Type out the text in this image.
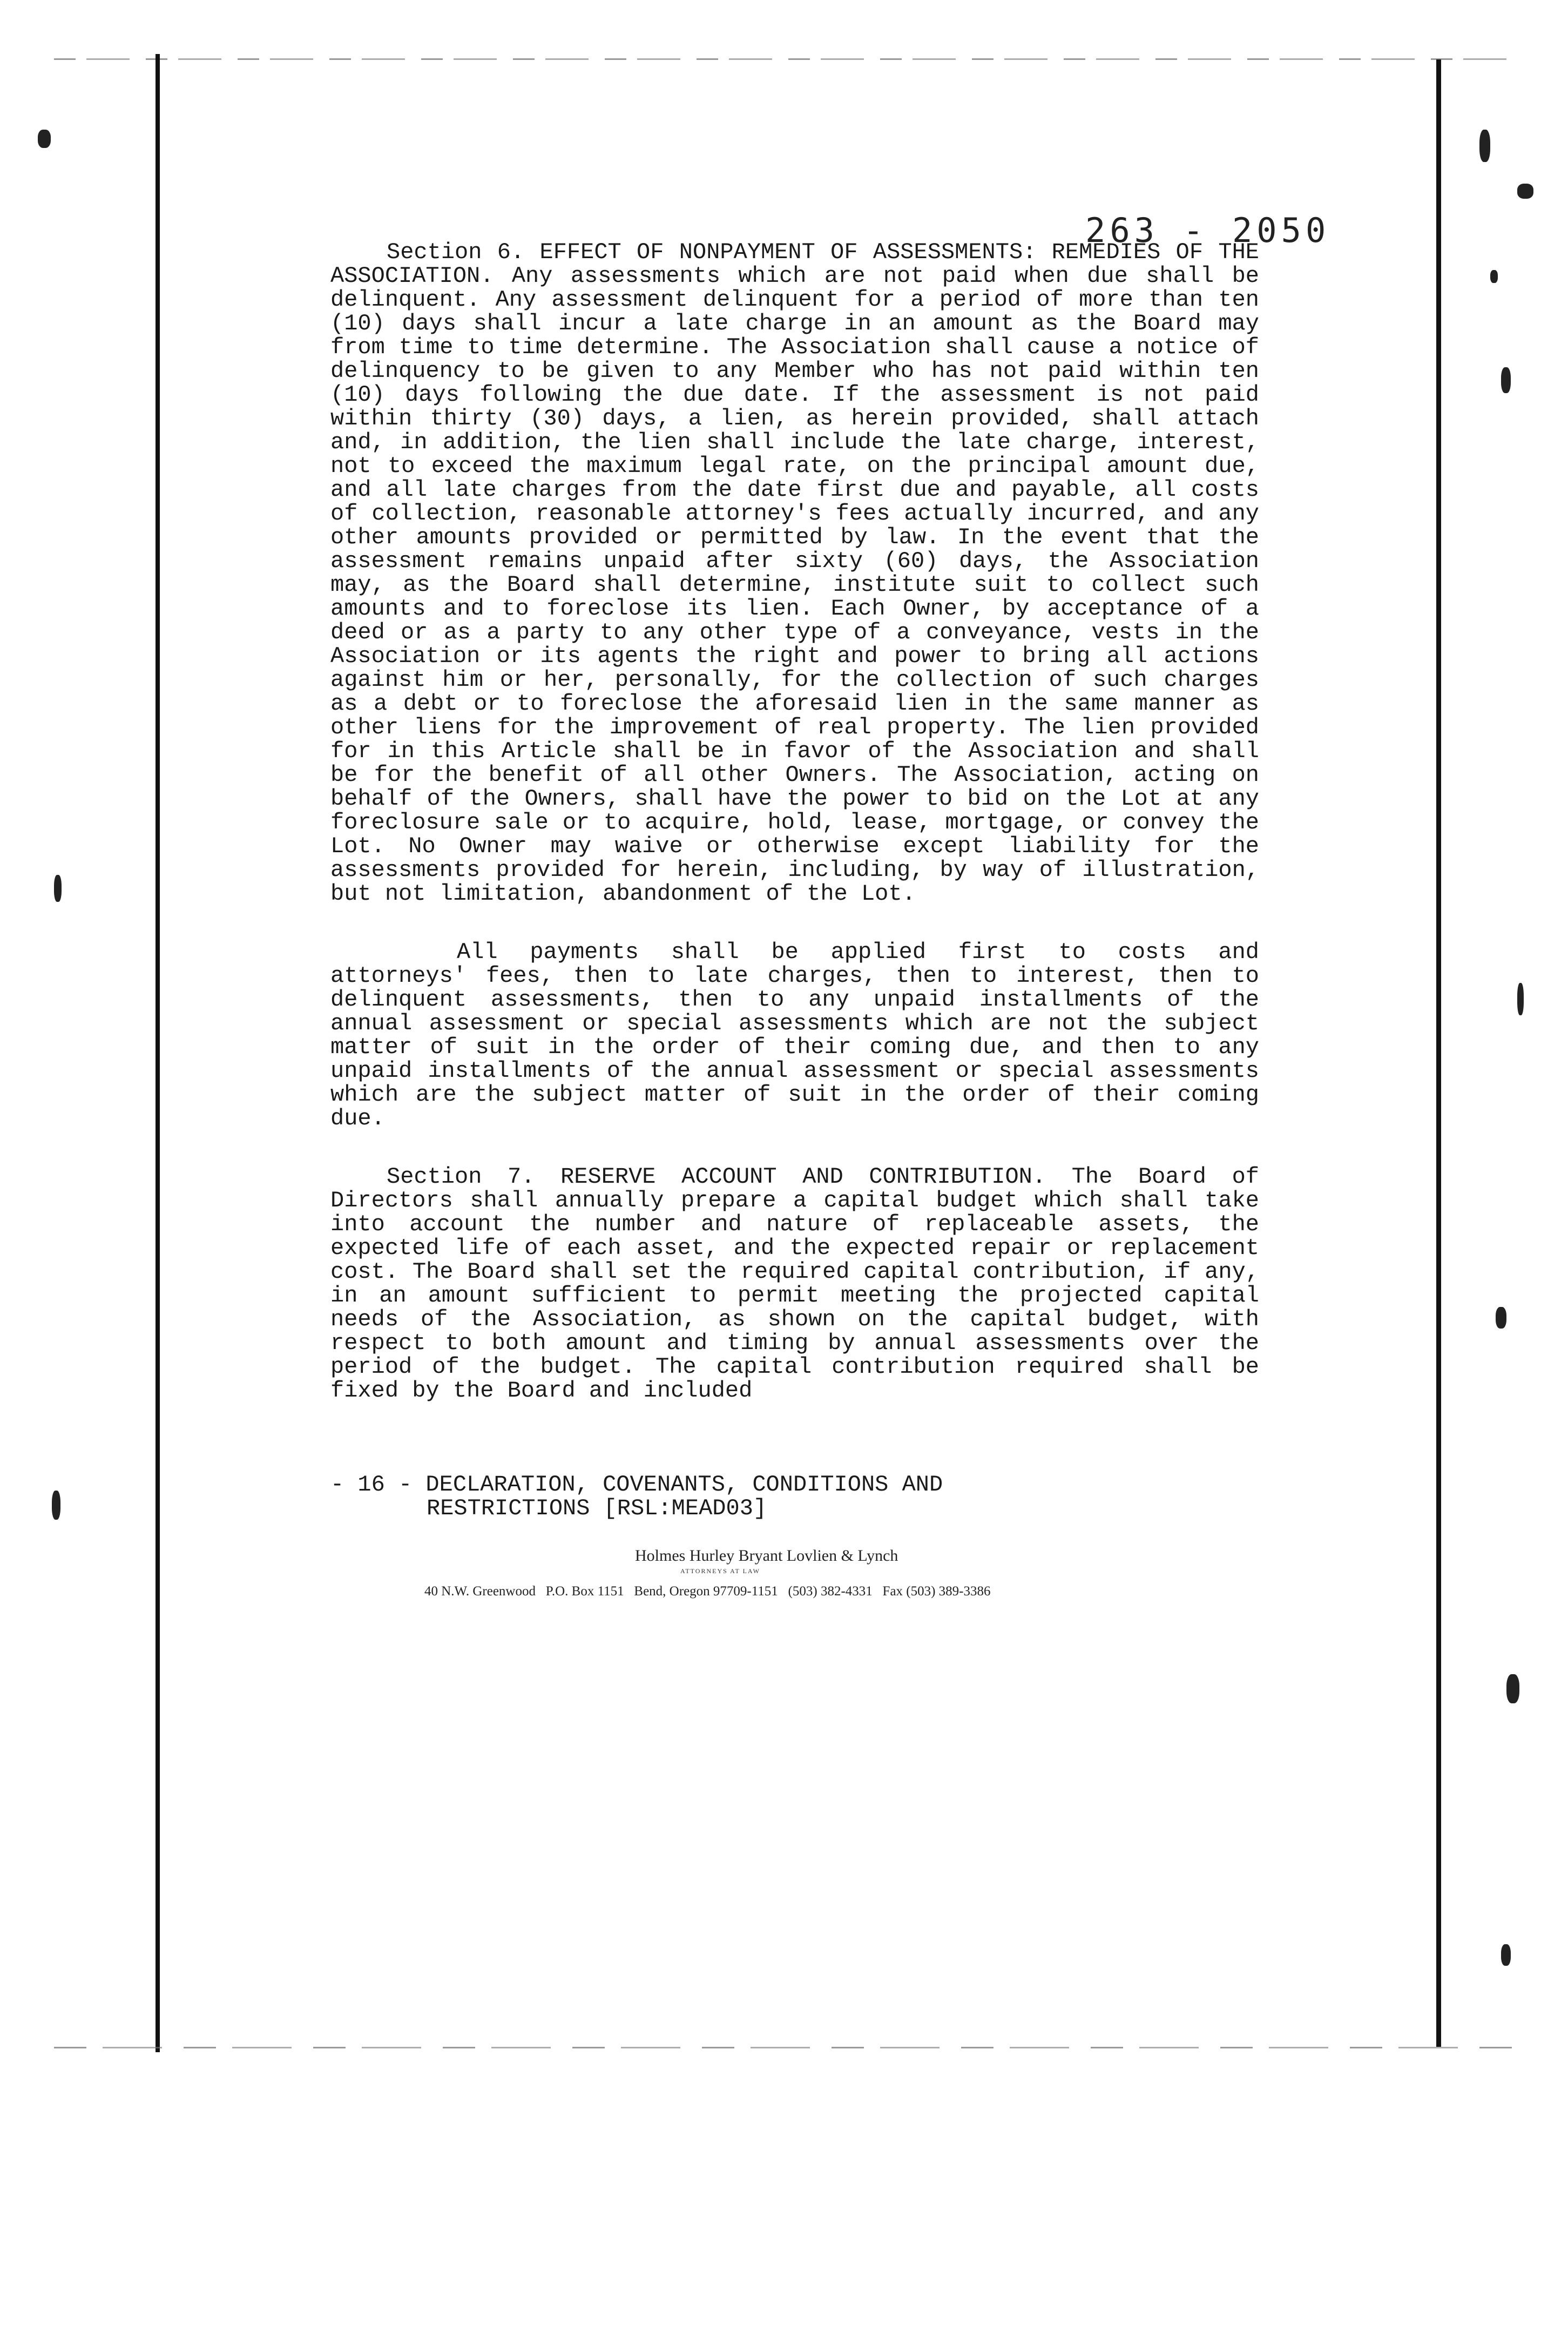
263 - 2050

Section 6. EFFECT OF NONPAYMENT OF ASSESSMENTS: REMEDIES OF THE ASSOCIATION. Any assessments which are not paid when due shall be delinquent. Any assessment delinquent for a period of more than ten (10) days shall incur a late charge in an amount as the Board may from time to time determine. The Association shall cause a notice of delinquency to be given to any Member who has not paid within ten (10) days following the due date. If the assessment is not paid within thirty (30) days, a lien, as herein provided, shall attach and, in addition, the lien shall include the late charge, interest, not to exceed the maximum legal rate, on the principal amount due, and all late charges from the date first due and payable, all costs of collection, reasonable attorney's fees actually incurred, and any other amounts provided or permitted by law. In the event that the assessment remains unpaid after sixty (60) days, the Association may, as the Board shall determine, institute suit to collect such amounts and to foreclose its lien. Each Owner, by acceptance of a deed or as a party to any other type of a conveyance, vests in the Association or its agents the right and power to bring all actions against him or her, personally, for the collection of such charges as a debt or to foreclose the aforesaid lien in the same manner as other liens for the improvement of real property. The lien provided for in this Article shall be in favor of the Association and shall be for the benefit of all other Owners. The Association, acting on behalf of the Owners, shall have the power to bid on the Lot at any foreclosure sale or to acquire, hold, lease, mortgage, or convey the Lot. No Owner may waive or otherwise except liability for the assessments provided for herein, including, by way of illustration, but not limitation, abandonment of the Lot.

All payments shall be applied first to costs and attorneys' fees, then to late charges, then to interest, then to delinquent assessments, then to any unpaid installments of the annual assessment or special assessments which are not the subject matter of suit in the order of their coming due, and then to any unpaid installments of the annual assessment or special assessments which are the subject matter of suit in the order of their coming due.

Section 7. RESERVE ACCOUNT AND CONTRIBUTION. The Board of Directors shall annually prepare a capital budget which shall take into account the number and nature of replaceable assets, the expected life of each asset, and the expected repair or replacement cost. The Board shall set the required capital contribution, if any, in an amount sufficient to permit meeting the projected capital needs of the Association, as shown on the capital budget, with respect to both amount and timing by annual assessments over the period of the budget. The capital contribution required shall be fixed by the Board and included

- 16 - DECLARATION, COVENANTS, CONDITIONS AND
RESTRICTIONS [RSL:MEAD03]
Holmes Hurley Bryant Lovlien & Lynch
ATTORNEYS AT LAW
40 N.W. Greenwood   P.O. Box 1151   Bend, Oregon 97709-1151   (503) 382-4331   Fax (503) 389-3386
